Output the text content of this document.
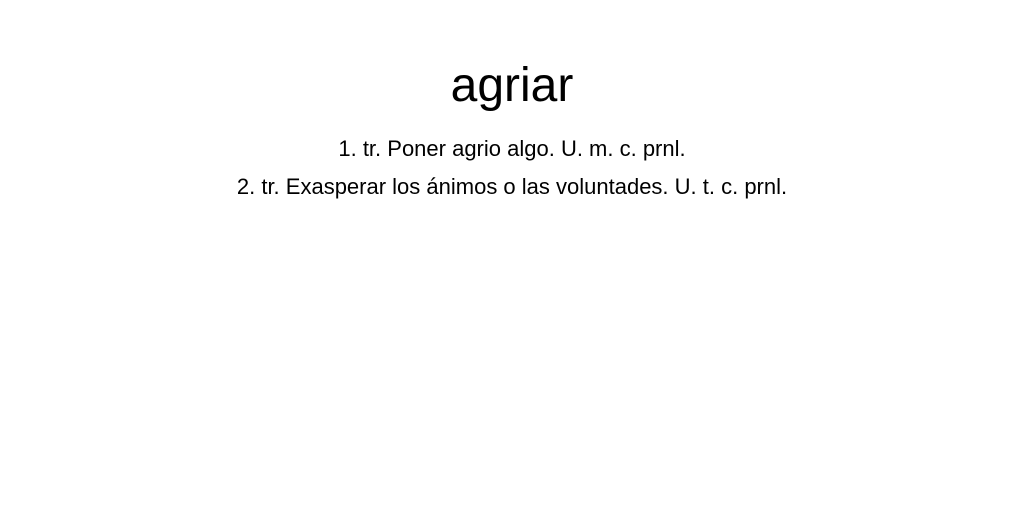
agriar
1. tr. Poner agrio algo. U. m. c. prnl.
2. tr. Exasperar los ánimos o las voluntades. U. t. c. prnl.
